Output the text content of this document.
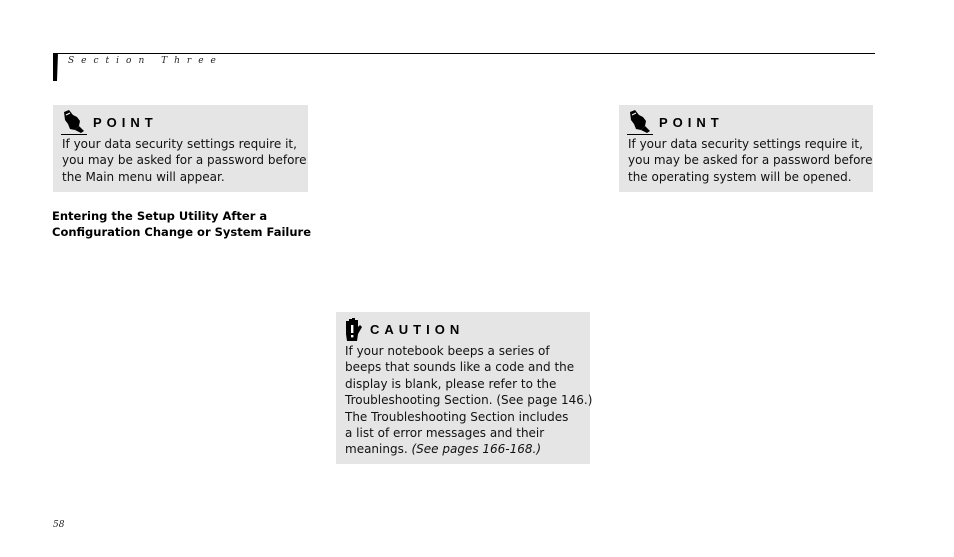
Section Three
POINT
If your data security settings require it,
you may be asked for a password before
the Main menu will appear.
POINT
If your data security settings require it,
you may be asked for a password before
the operating system will be opened.
Entering the Setup Utility After a
Configuration Change or System Failure
CAUTION
If your notebook beeps a series of
beeps that sounds like a code and the
display is blank, please refer to the
Troubleshooting Section. (See page 146.)
The Troubleshooting Section includes
a list of error messages and their
meanings. (See pages 166-168.)
58
